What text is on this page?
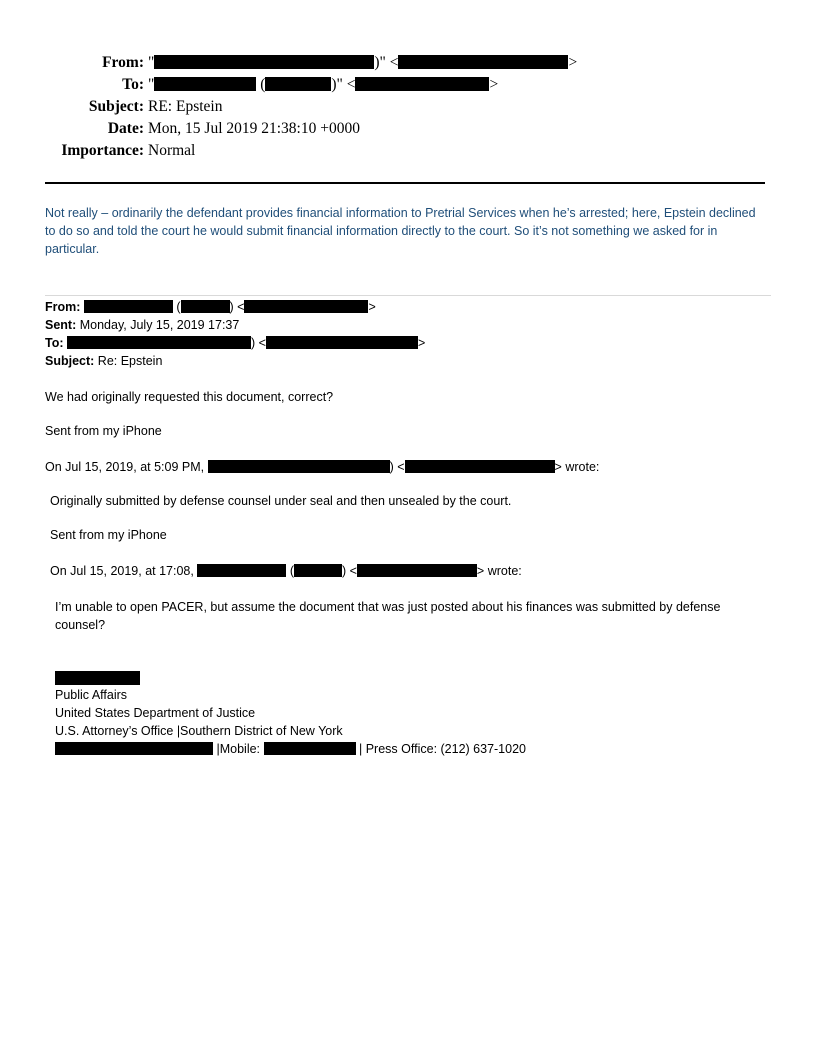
From: "	)" <	>
To: "	(	)" <	>
Subject: RE: Epstein
Date: Mon, 15 Jul 2019 21:38:10 +0000
Importance: Normal
Not really – ordinarily the defendant provides financial information to Pretrial Services when he’s arrested; here, Epstein declined to do so and told the court he would submit financial information directly to the court. So it’s not something we asked for in particular.
From:	(	) <	>
Sent: Monday, July 15, 2019 17:37
To:	) <	>
Subject: Re: Epstein
We had originally requested this document, correct?
Sent from my iPhone
On Jul 15, 2019, at 5:09 PM,	) <	> wrote:
Originally submitted by defense counsel under seal and then unsealed by the court.
Sent from my iPhone
On Jul 15, 2019, at 17:08,	(	) <	> wrote:
I’m unable to open PACER, but assume the document that was just posted about his finances was submitted by defense counsel?
Public Affairs
United States Department of Justice
U.S. Attorney’s Office |Southern District of New York
|Mobile:	| Press Office: (212) 637-1020
